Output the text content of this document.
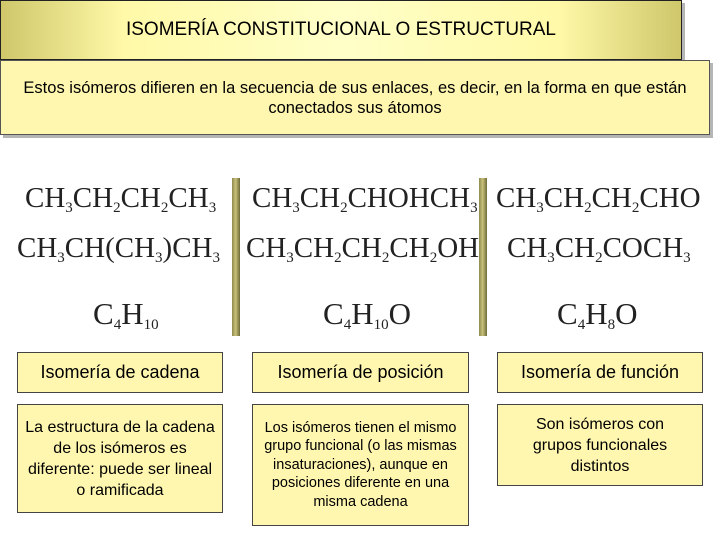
ISOMERÍA CONSTITUCIONAL O ESTRUCTURAL
Estos isómeros difieren en la secuencia de sus enlaces, es decir, en la forma en que están conectados sus átomos
$CH_3CH_2CH_2CH_3$
$CH_3CH(CH_3)CH_3$
$C_4H_{10}$
$CH_3CH_2CHOHCH_3$
$CH_3CH_2CH_2CH_2OH$
$C_4H_{10}O$
$CH_3CH_2CH_2CHO$
$CH_3CH_2COCH_3$
$C_4H_8O$
Isomería de cadena	Isomería de posición	Isomería de función
La estructura de la cadena de los isómeros es diferente: puede ser lineal o ramificada
Los isómeros tienen el mismo grupo funcional (o las mismas insaturaciones), aunque en posiciones diferente en una misma cadena
Son isómeros con grupos funcionales distintos
